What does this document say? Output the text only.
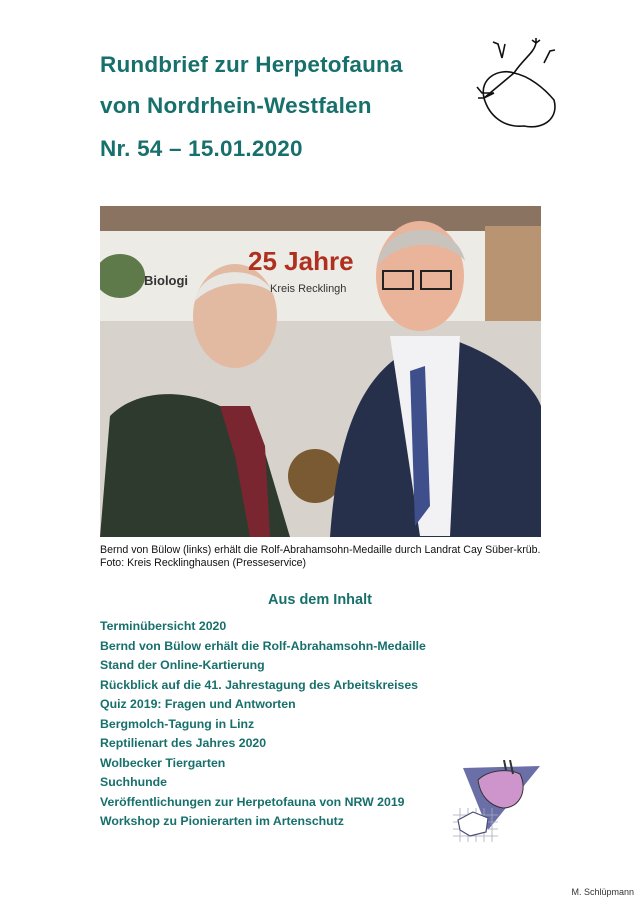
Rundbrief zur Herpetofauna
von Nordrhein-Westfalen
Nr. 54 – 15.01.2020
25 Jahre
Biologi
Kreis Recklingh
Bernd von Bülow (links) erhält die Rolf-Abrahamsohn-Medaille durch Landrat Cay Süber-krüb. Foto: Kreis Recklinghausen (Presseservice)
Aus dem Inhalt
Terminübersicht 2020
Bernd von Bülow erhält die Rolf-Abrahamsohn-Medaille
Stand der Online-Kartierung
Rückblick auf die 41. Jahrestagung des Arbeitskreises
Quiz 2019: Fragen und Antworten
Bergmolch-Tagung in Linz
Reptilienart des Jahres 2020
Wolbecker Tiergarten
Suchhunde
Veröffentlichungen zur Herpetofauna von NRW 2019
Workshop zu Pionierarten im Artenschutz
M. Schlüpmann
